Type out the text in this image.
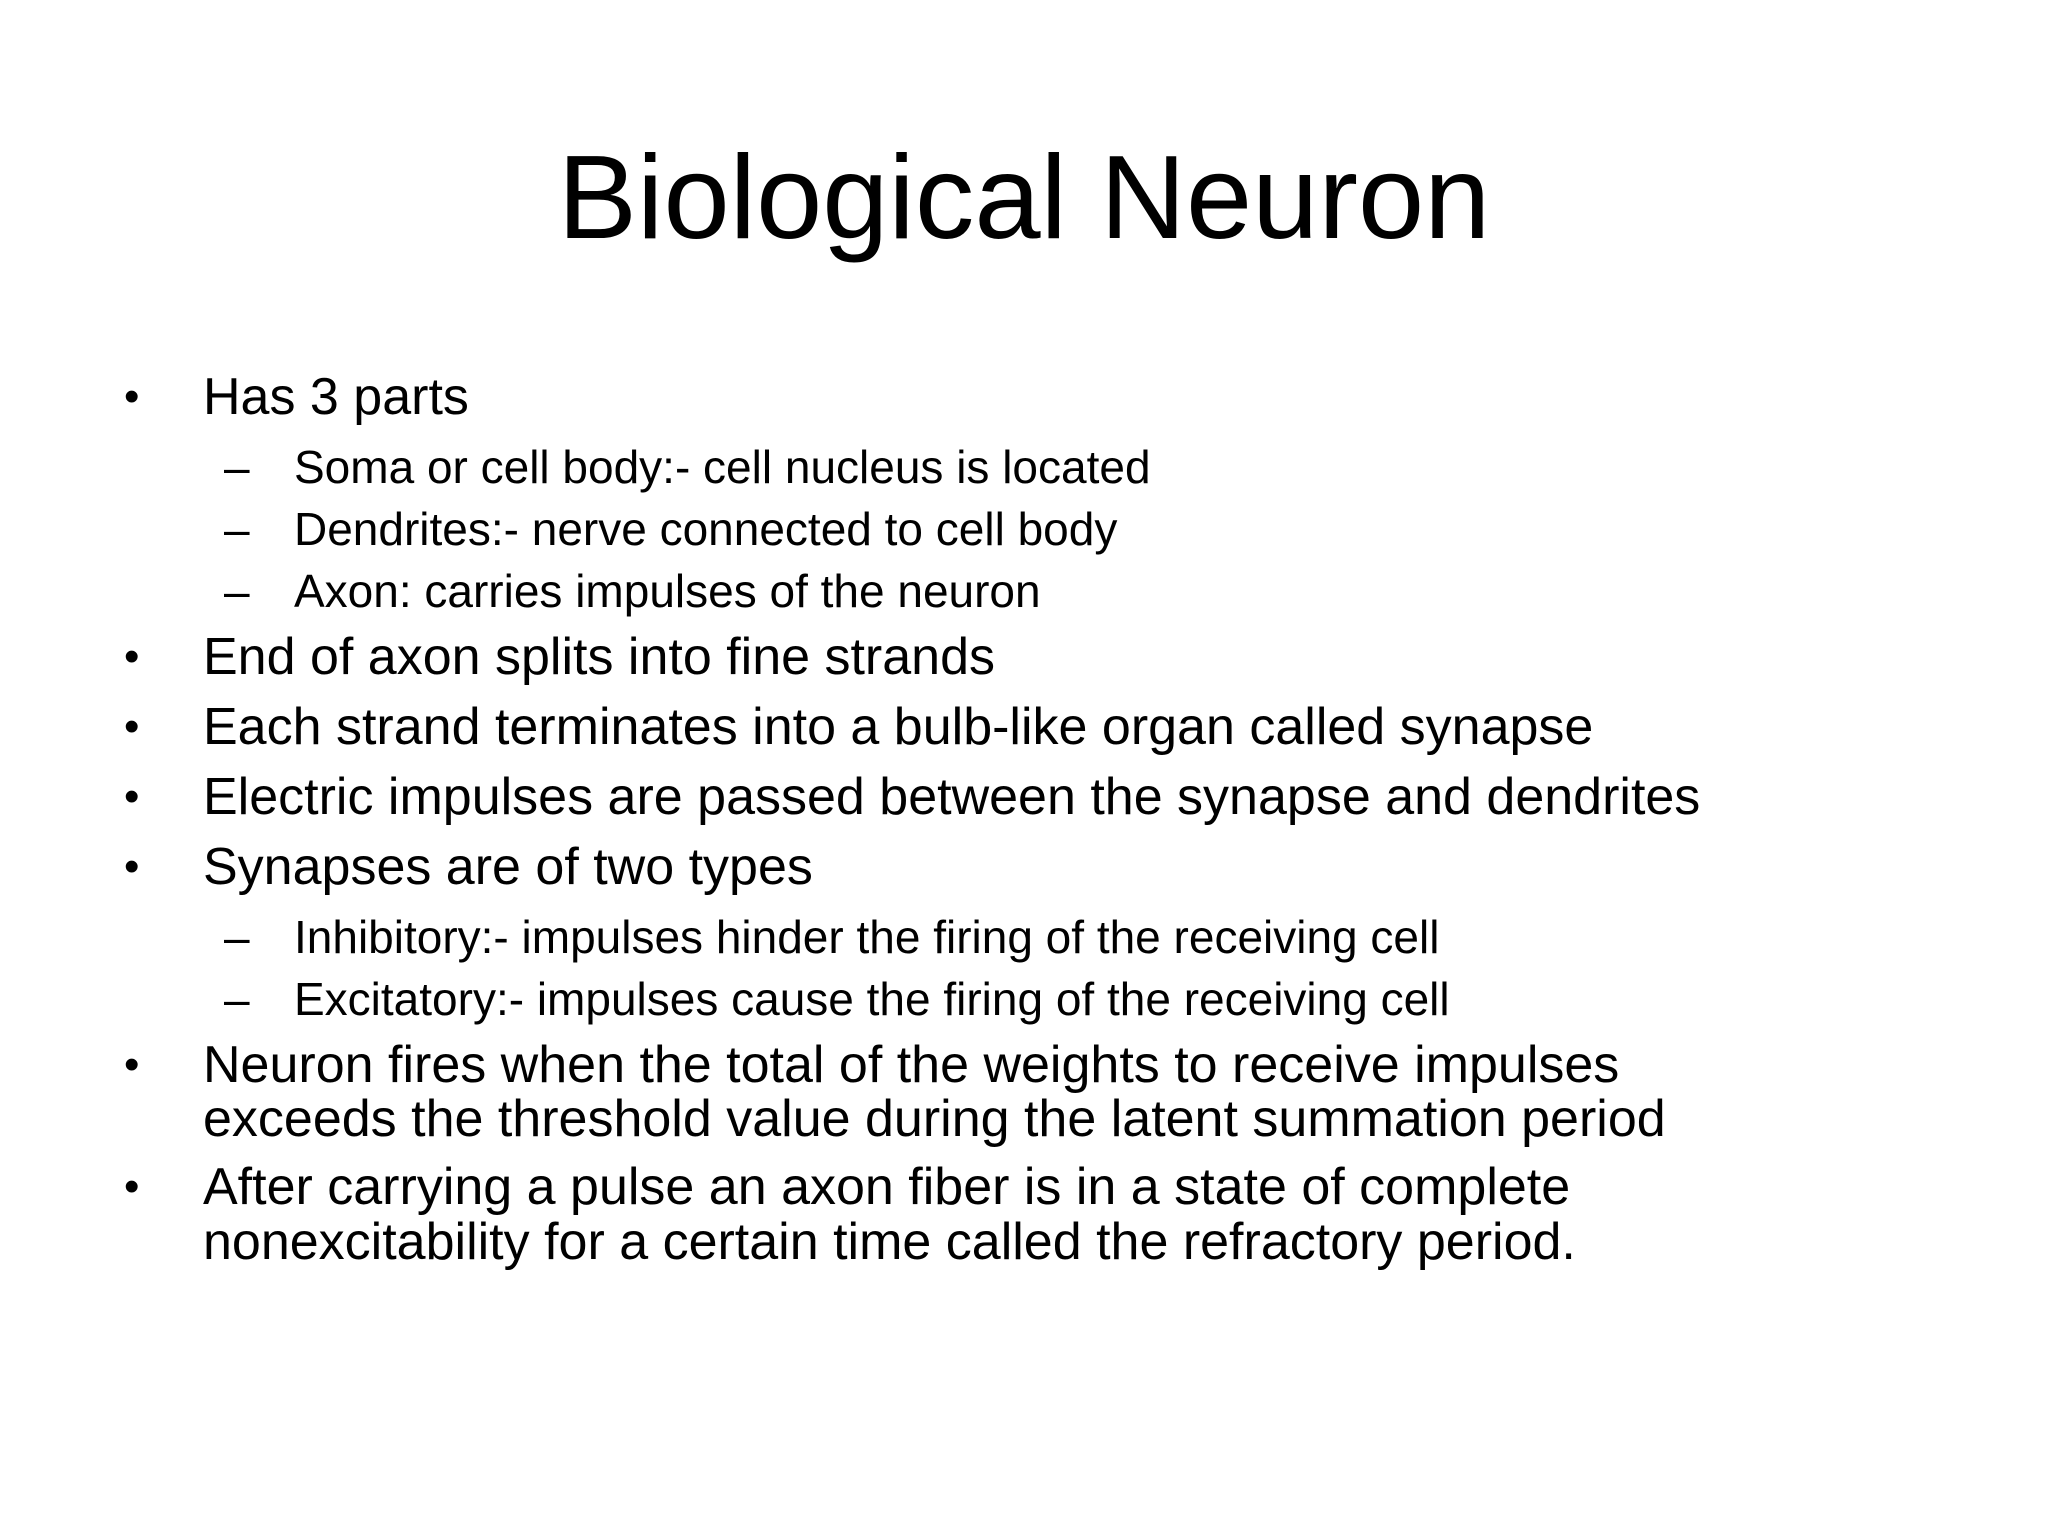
Biological Neuron
• Has 3 parts
– Soma or cell body:- cell nucleus is located
– Dendrites:- nerve connected to cell body
– Axon: carries impulses of the neuron
• End of axon splits into fine strands
• Each strand terminates into a bulb-like organ called synapse
• Electric impulses are passed between the synapse and dendrites
• Synapses are of two types
– Inhibitory:- impulses hinder the firing of the receiving cell
– Excitatory:- impulses cause the firing of the receiving cell
• Neuron fires when the total of the weights to receive impulses
exceeds the threshold value during the latent summation period
• After carrying a pulse an axon fiber is in a state of complete
nonexcitability for a certain time called the refractory period.
